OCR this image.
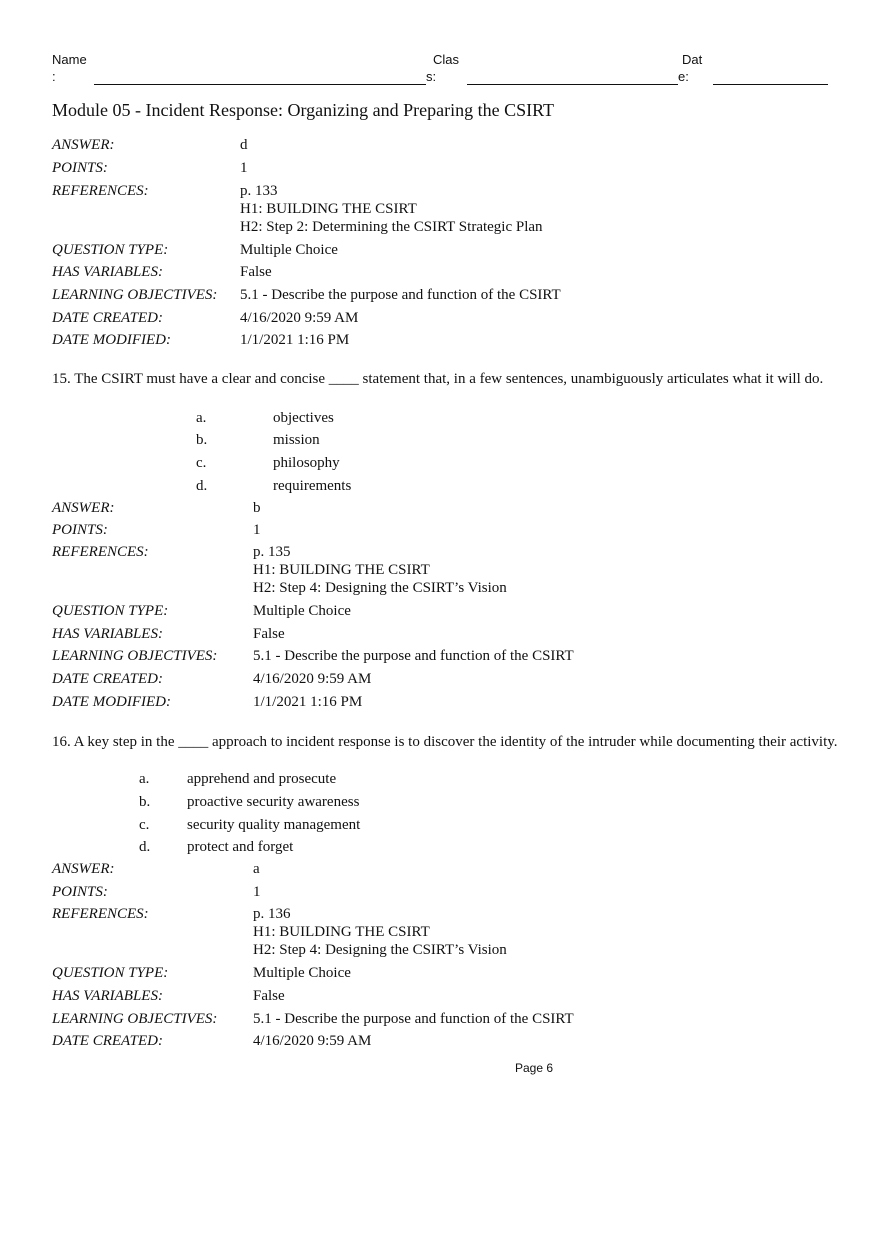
Name
:
Clas
s:
Dat
e:
Module 05 - Incident Response: Organizing and Preparing the CSIRT
ANSWER:	d
POINTS:	1
REFERENCES:	p. 133
H1: BUILDING THE CSIRT
H2: Step 2: Determining the CSIRT Strategic Plan
QUESTION TYPE:	Multiple Choice
HAS VARIABLES:	False
LEARNING OBJECTIVES: 5.1 - Describe the purpose and function of the CSIRT
DATE CREATED:	4/16/2020 9:59 AM
DATE MODIFIED:	1/1/2021 1:16 PM
15. The CSIRT must have a clear and concise ____ statement that, in a few sentences, unambiguously articulates what it will do.
a.	objectives
b.	mission
c.	philosophy
d.	requirements
ANSWER:	b
POINTS:	1
REFERENCES:	p. 135
H1: BUILDING THE CSIRT
H2: Step 4: Designing the CSIRT’s Vision
QUESTION TYPE:	Multiple Choice
HAS VARIABLES:	False
LEARNING OBJECTIVES: 5.1 - Describe the purpose and function of the CSIRT
DATE CREATED:	4/16/2020 9:59 AM
DATE MODIFIED:	1/1/2021 1:16 PM
16. A key step in the ____ approach to incident response is to discover the identity of the intruder while documenting their activity.
a.	apprehend and prosecute
b. proactive security awareness
c.	security quality management
d. protect and forget
ANSWER:	a
POINTS:	1
REFERENCES:	p. 136
H1: BUILDING THE CSIRT
H2: Step 4: Designing the CSIRT’s Vision
QUESTION TYPE:	Multiple Choice
HAS VARIABLES:	False
LEARNING OBJECTIVES: 5.1 - Describe the purpose and function of the CSIRT
DATE CREATED:	4/16/2020 9:59 AM
Page 6
